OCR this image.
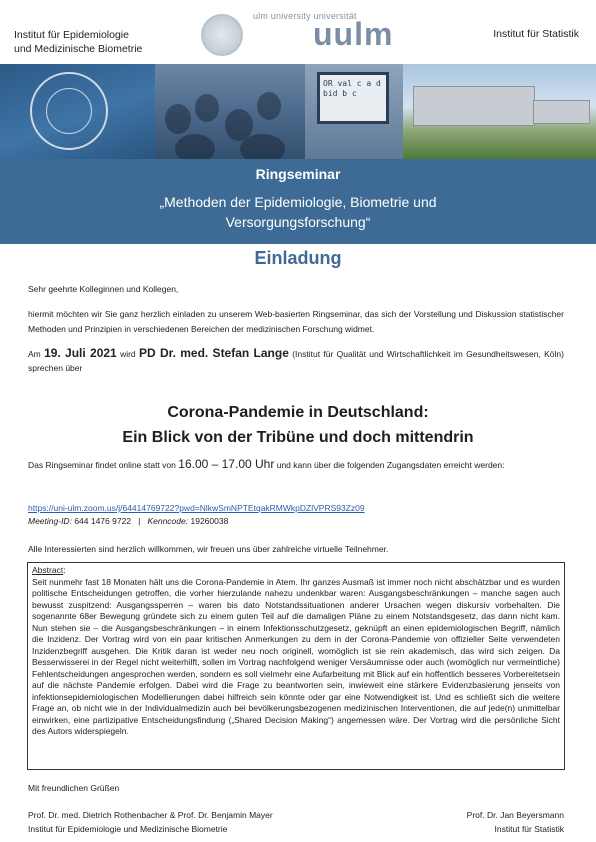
Institut für Epidemiologie
und Medizinische Biometrie
ulm university universität
uulm	Institut für Statistik
OR val c a d
bid b c
Ringseminar
„Methoden der Epidemiologie, Biometrie und
Versorgungsforschung“
Einladung
Sehr geehrte Kolleginnen und Kollegen,
hiermit möchten wir Sie ganz herzlich einladen zu unserem Web-basierten Ringseminar, das sich der Vorstellung und Diskussion statistischer Methoden und Prinzipien in verschiedenen Bereichen der medizinischen Forschung widmet.
Am 19. Juli 2021 wird PD Dr. med. Stefan Lange (Institut für Qualität und Wirtschaftlichkeit im Gesundheitswesen, Köln) sprechen über
Corona-Pandemie in Deutschland:
Ein Blick von der Tribüne und doch mittendrin
Das Ringseminar findet online statt von 16.00 – 17.00 Uhr und kann über die folgenden Zugangsdaten erreicht werden:
https://uni-ulm.zoom.us/j/64414769722?pwd=NlkwSmNPTEtqakRMWkpDZlVPRS93Zz09
Meeting-ID: 644 1476 9722 | Kenncode: 19260038
Alle Interessierten sind herzlich willkommen, wir freuen uns über zahlreiche virtuelle Teilnehmer.
Abstract:
Seit nunmehr fast 18 Monaten hält uns die Corona-Pandemie in Atem. Ihr ganzes Ausmaß ist immer noch nicht abschätzbar und es wurden politische Entscheidungen getroffen, die vorher hierzulande nahezu undenkbar waren: Ausgangsbeschränkungen – manche sagen auch bewusst zuspitzend: Ausgangssperren – waren bis dato Notstandssituationen anderer Ursachen wegen diskursiv vorbehalten. Die sogenannte 68er Bewegung gründete sich zu einem guten Teil auf die damaligen Pläne zu einem Notstandsgesetz, das dann nicht kam. Nun stehen sie – die Ausgangsbeschränkungen – in einem Infektionsschutzgesetz, geknüpft an einen epidemiologischen Begriff, nämlich die Inzidenz. Der Vortrag wird von ein paar kritischen Anmerkungen zu dem in der Corona-Pandemie von offizieller Seite verwendeten Inzidenzbegriff ausgehen. Die Kritik daran ist weder neu noch originell, womöglich ist sie rein akademisch, das wird sich zeigen. Da Besserwisserei in der Regel nicht weiterhilft, sollen im Vortrag nachfolgend weniger Versäumnisse oder auch (womöglich nur vermeintliche) Fehlentscheidungen angesprochen werden, sondern es soll vielmehr eine Aufarbeitung mit Blick auf ein hoffentlich besseres Vorbereitetsein auf die nächste Pandemie erfolgen. Dabei wird die Frage zu beantworten sein, inwieweit eine stärkere Evidenzbasierung jenseits von infektionsepidemiologischen Modellierungen dabei hilfreich sein könnte oder gar eine Notwendigkeit ist. Und es schließt sich die weitere Frage an, ob nicht wie in der Individualmedizin auch bei bevölkerungsbezogenen medizinischen Interventionen, die auf jede(n) unmittelbar einwirken, eine partizipative Entscheidungsfindung („Shared Decision Making“) angemessen wäre. Der Vortrag wird die persönliche Sicht des Autors widerspiegeln.
Mit freundlichen Grüßen
Prof. Dr. med. Dietrich Rothenbacher & Prof. Dr. Benjamin Mayer
Institut für Epidemiologie und Medizinische Biometrie
Prof. Dr. Jan Beyersmann
Institut für Statistik
